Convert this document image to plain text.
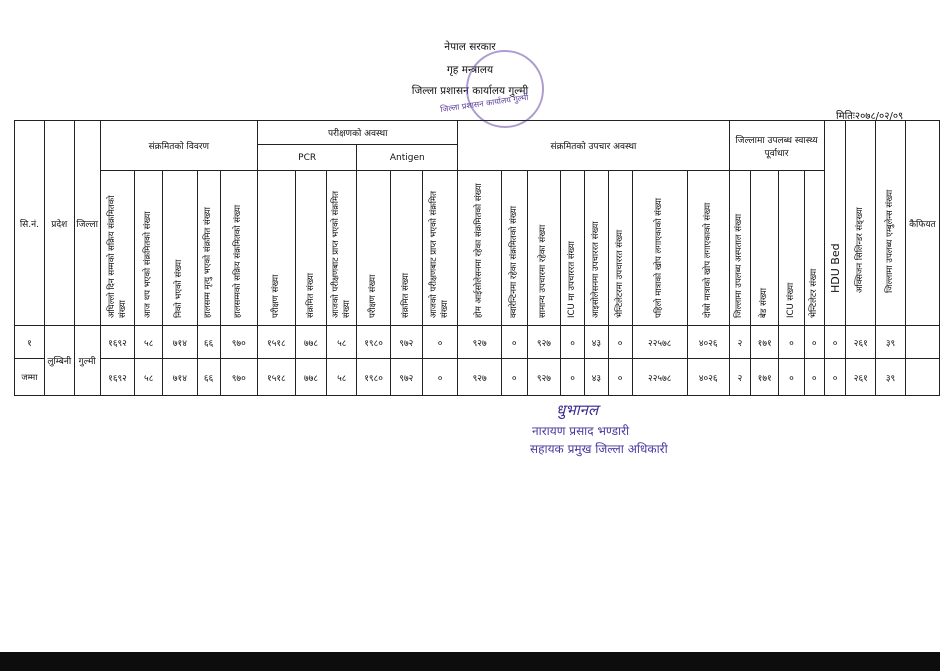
नेपाल सरकार
गृह मन्त्रालय
जिल्ला प्रशासन कार्यालय गुल्मी
जिल्ला प्रशासन कार्यालय गुल्मी
मितिः२०७८/०२/०९
सि.नं.	प्रदेश	जिल्ला	संक्रमितको विवरण					परीक्षणको अवस्था						संक्रमितको उपचार अवस्था								जिल्लामा उपलब्ध स्वास्थ्य पूर्वाधार				HDU Bed	अक्सिजन सिलिन्डर संङ्ख्या	जिल्लामा उपलब्ध एम्बुलेन्स संख्या	कैफियत
								PCR			Antigen																		

			अघिल्लो दिन सम्मको सक्रिय संक्रमितको संख्या	आज थप भएको संक्रमितको संख्या	निको भएको संख्या	हालसम्म मृत्यु भएको संक्रमित संख्या	हालसम्मको सक्रिय संक्रमितको संख्या	परीक्षण संख्या	संक्रमित संख्या	आजको परीक्षणबाट प्राप्त भएको संक्रमित संख्या	परीक्षण संख्या	संक्रमित संख्या	आजको परीक्षणबाट प्राप्त भएको संक्रमित संख्या	होम आईसोलेसनमा रहेका संक्रमितको संख्या	क्वारेन्टिनमा रहेका संक्रमितको संख्या	सामान्य उपचारमा रहेका संख्या	ICU मा उपचाररत संख्या	आइसोलेसनमा उपचाररत संख्या	भेन्टिलेटरमा उपचाररत संख्या	पहिलो मात्राको खोप लगाएकाको संख्या	दोस्रो मात्राको खोप लगाएकाको संख्या	जिल्लामा उपलब्ध अस्पताल संख्या	बेड संख्या	ICU संख्या	भेन्टिलेटर संख्या				

१	लुम्बिनी	गुल्मी	१६९२	५८	७१४	६६	९७०	१५१८	७७८	५८	१९८०	९७२	०	९२७	०	९२७	०	४३	०	२२५७८	४०२६	२	१७१	०	०	०	२६१	३९	
जम्मा			१६९२	५८	७१४	६६	९७०	१५१८	७७८	५८	१९८०	९७२	०	९२७	०	९२७	०	४३	०	२२५७८	४०२६	२	१७१	०	०	०	२६१	३९	
धुभानल
नारायण प्रसाद भण्डारी
सहायक प्रमुख जिल्ला अधिकारी
